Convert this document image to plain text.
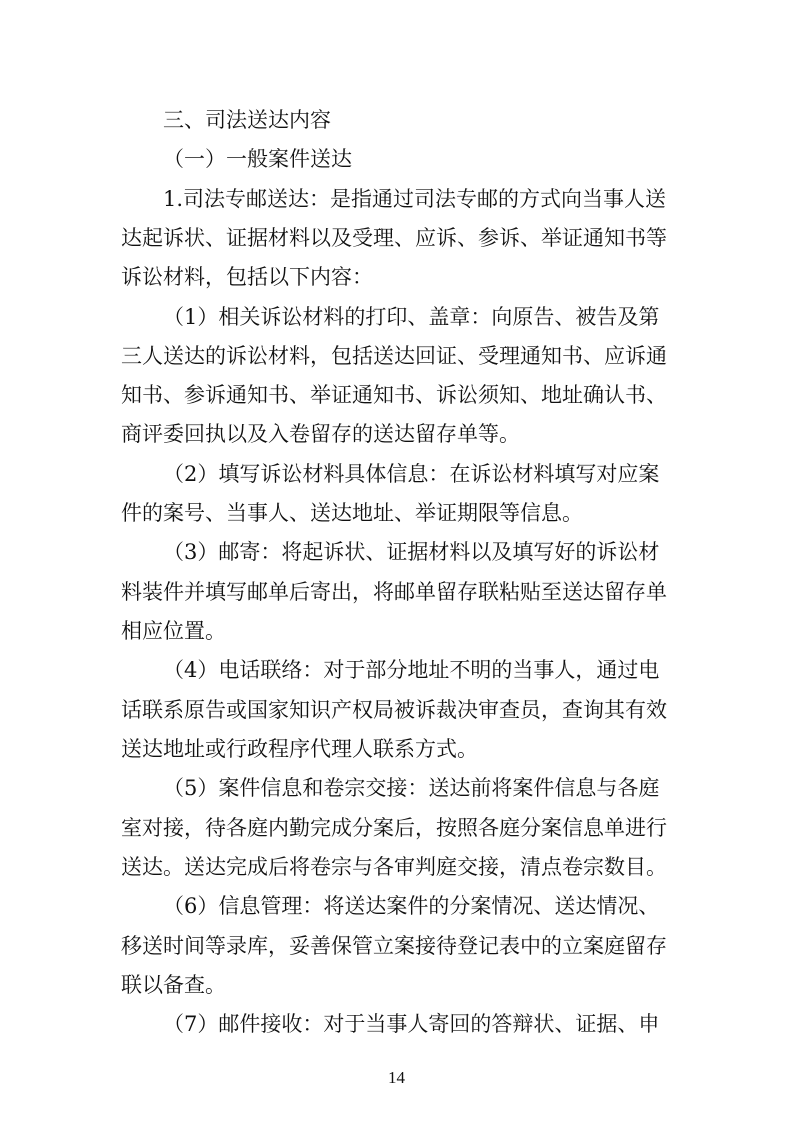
三、司法送达内容
（一）一般案件送达
1.司法专邮送达：是指通过司法专邮的方式向当事人送
达起诉状、证据材料以及受理、应诉、参诉、举证通知书等
诉讼材料，包括以下内容：
（1）相关诉讼材料的打印、盖章：向原告、被告及第
三人送达的诉讼材料，包括送达回证、受理通知书、应诉通
知书、参诉通知书、举证通知书、诉讼须知、地址确认书、
商评委回执以及入卷留存的送达留存单等。
（2）填写诉讼材料具体信息：在诉讼材料填写对应案
件的案号、当事人、送达地址、举证期限等信息。
（3）邮寄：将起诉状、证据材料以及填写好的诉讼材
料装件并填写邮单后寄出，将邮单留存联粘贴至送达留存单
相应位置。
（4）电话联络：对于部分地址不明的当事人，通过电
话联系原告或国家知识产权局被诉裁决审查员，查询其有效
送达地址或行政程序代理人联系方式。
（5）案件信息和卷宗交接：送达前将案件信息与各庭
室对接，待各庭内勤完成分案后，按照各庭分案信息单进行
送达。送达完成后将卷宗与各审判庭交接，清点卷宗数目。
（6）信息管理：将送达案件的分案情况、送达情况、
移送时间等录库，妥善保管立案接待登记表中的立案庭留存
联以备查。
（7）邮件接收：对于当事人寄回的答辩状、证据、申
14
